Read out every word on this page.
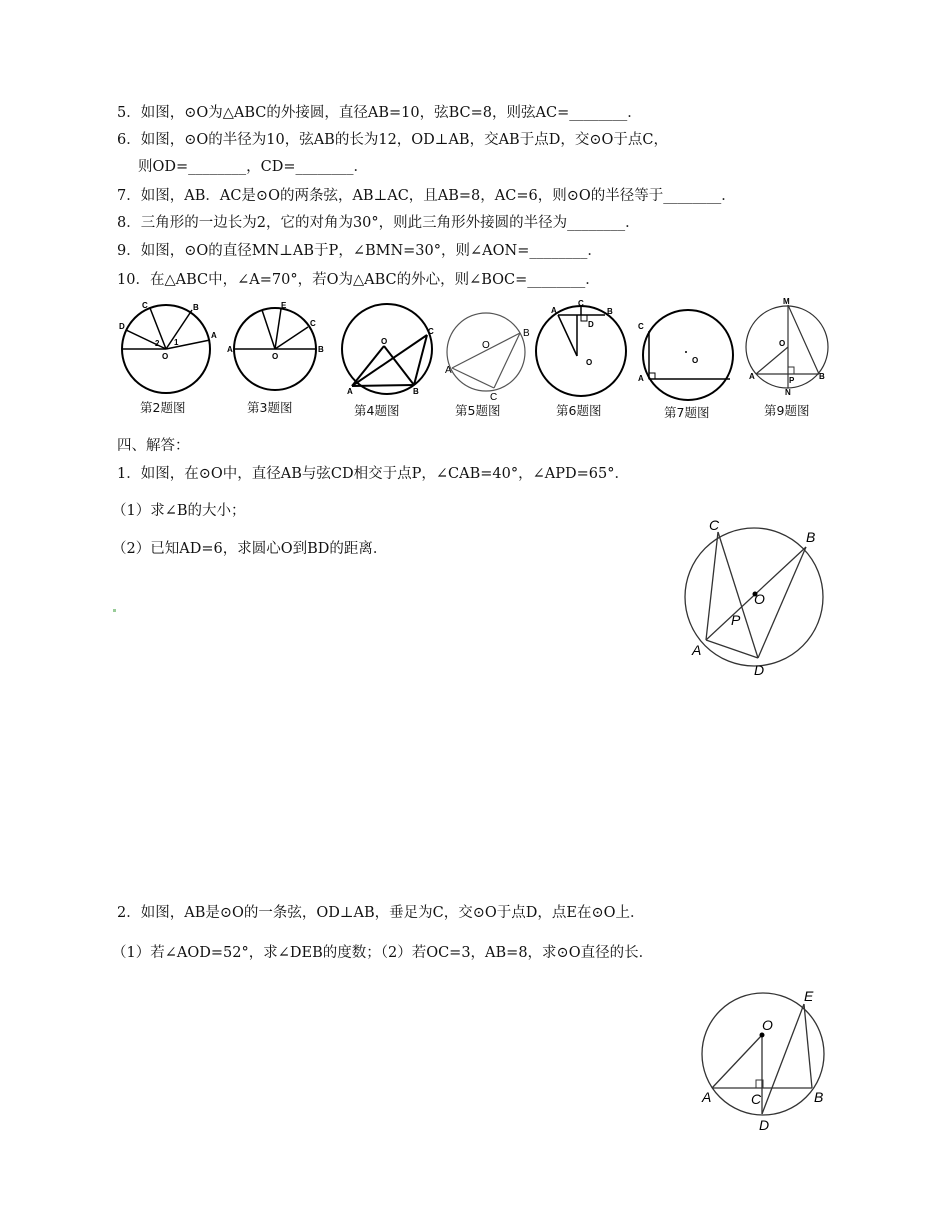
5．如图，⊙O为△ABC的外接圆，直径AB=10，弦BC=8，则弦AC=________．
6．如图，⊙O的半径为10，弦AB的长为12，OD⊥AB，交AB于点D，交⊙O于点C，
则OD=________，CD=________．
7．如图，AB．AC是⊙O的两条弦，AB⊥AC，且AB=8，AC=6，则⊙O的半径等于________．
8．三角形的一边长为2，它的对角为30°，则此三角形外接圆的半径为________．
9．如图，⊙O的直径MN⊥AB于P，∠BMN=30°，则∠AON=________．
10．在△ABC中，∠A=70°，若O为△ABC的外心，则∠BOC=________．
C	B
D
A
O
2 1
第2题图
E
C
A
O
B
第3题图
O
C
A	B
第4题图
O
B
A
C
第5题图
A
C
B
D
O
第6题图
C
A
O
第7题图
M
O
A	P	B
N
第9题图
四、解答：
1．如图，在⊙O中，直径AB与弦CD相交于点P，∠CAB=40°，∠APD=65°．
（1）求∠B的大小；
（2）已知AD=6，求圆心O到BD的距离．
C
B
O
P
A
D
2．如图，AB是⊙O的一条弦，OD⊥AB，垂足为C，交⊙O于点D，点E在⊙O上．
（1）若∠AOD=52°，求∠DEB的度数；（2）若OC=3，AB=8，求⊙O直径的长．
E
O
A	C	B
D
